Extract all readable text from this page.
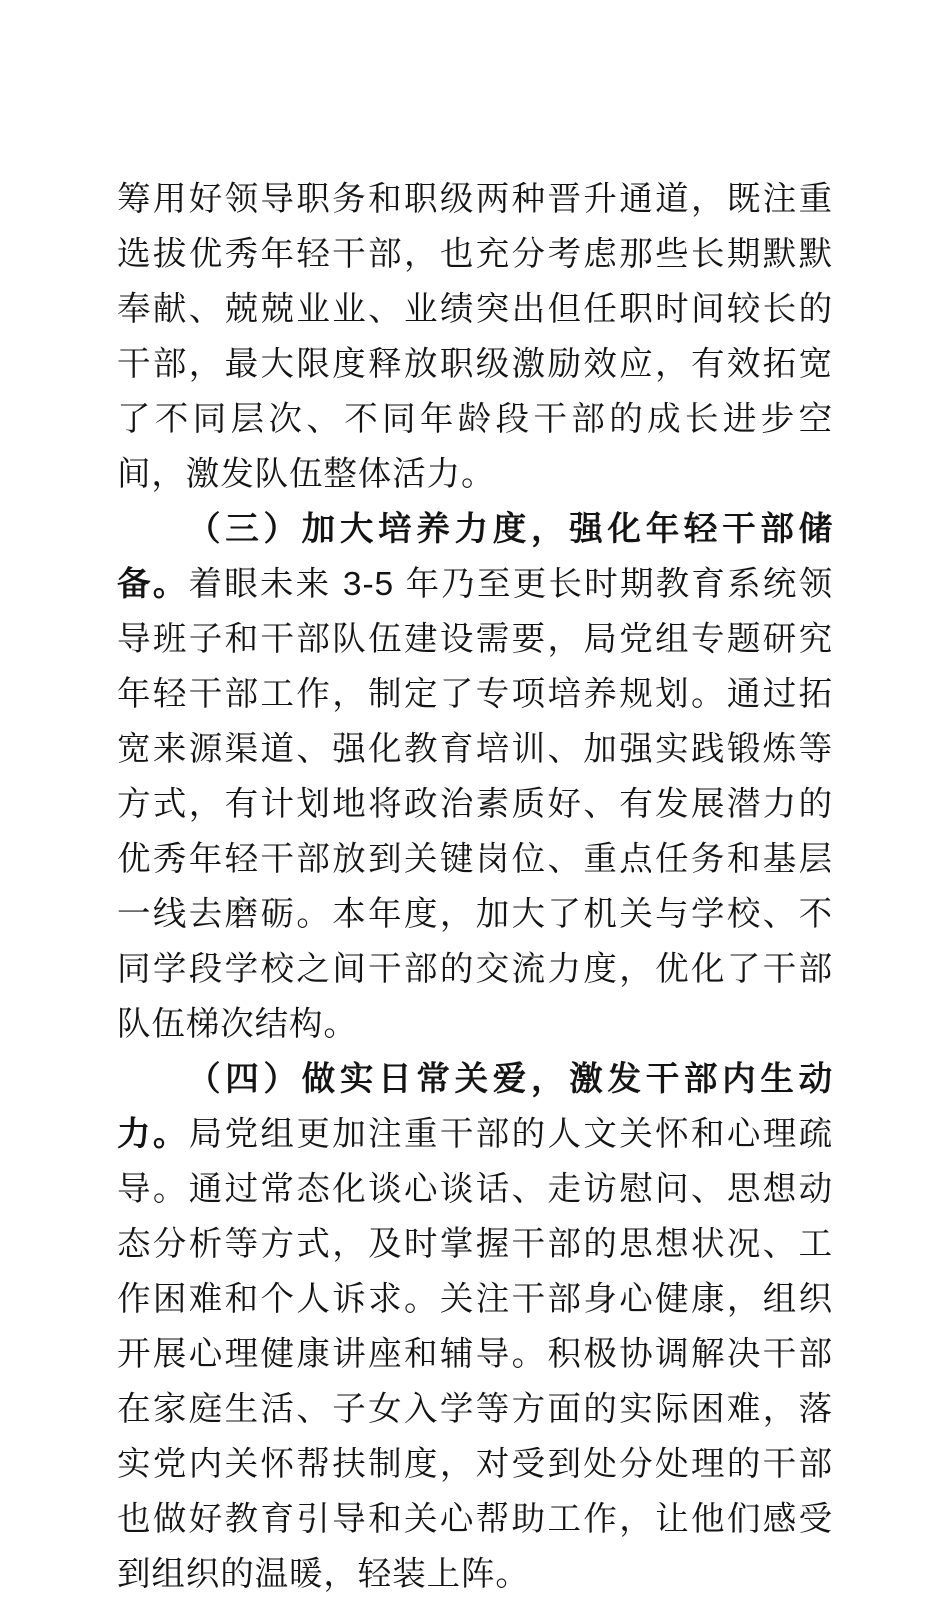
筹用好领导职务和职级两种晋升通道，既注重选拔优秀年轻干部，也充分考虑那些长期默默奉献、兢兢业业、业绩突出但任职时间较长的干部，最大限度释放职级激励效应，有效拓宽了不同层次、不同年龄段干部的成长进步空间，激发队伍整体活力。

（三）加大培养力度，强化年轻干部储备。着眼未来 3-5 年乃至更长时期教育系统领导班子和干部队伍建设需要，局党组专题研究年轻干部工作，制定了专项培养规划。通过拓宽来源渠道、强化教育培训、加强实践锻炼等方式，有计划地将政治素质好、有发展潜力的优秀年轻干部放到关键岗位、重点任务和基层一线去磨砺。本年度，加大了机关与学校、不同学段学校之间干部的交流力度，优化了干部队伍梯次结构。

（四）做实日常关爱，激发干部内生动力。局党组更加注重干部的人文关怀和心理疏导。通过常态化谈心谈话、走访慰问、思想动态分析等方式，及时掌握干部的思想状况、工作困难和个人诉求。关注干部身心健康，组织开展心理健康讲座和辅导。积极协调解决干部在家庭生活、子女入学等方面的实际困难，落实党内关怀帮扶制度，对受到处分处理的干部也做好教育引导和关心帮助工作，让他们感受到组织的温暖，轻装上阵。
